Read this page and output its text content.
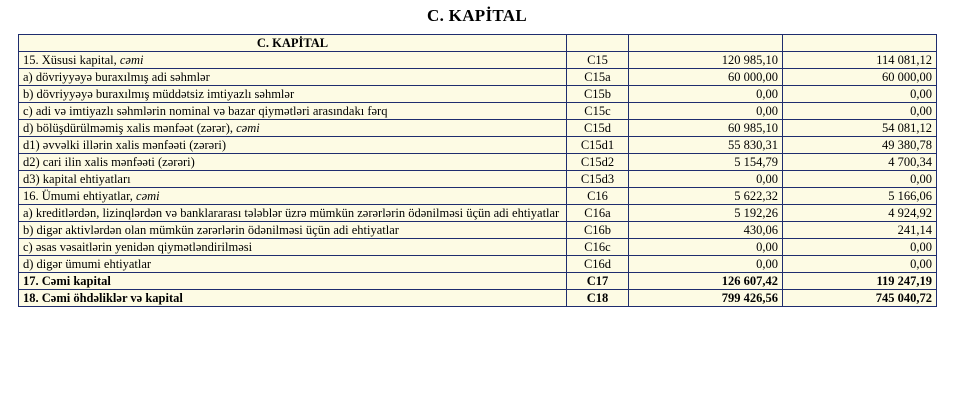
C. KAPİTAL
C. KAPİTAL			
15. Xüsusi kapital, cəmi	C15	120 985,10	114 081,12
a) dövriyyəyə buraxılmış adi səhmlər	C15a	60 000,00	60 000,00
b) dövriyyəyə buraxılmış müddətsiz imtiyazlı səhmlər	C15b	0,00	0,00
c) adi və imtiyazlı səhmlərin nominal və bazar qiymətləri arasındakı fərq	C15c	0,00	0,00
d) bölüşdürülməmiş xalis mənfəət (zərər), cəmi	C15d	60 985,10	54 081,12
d1) əvvəlki illərin xalis mənfəəti (zərəri)	C15d1	55 830,31	49 380,78
d2) cari ilin xalis mənfəəti (zərəri)	C15d2	5 154,79	4 700,34
d3) kapital ehtiyatları	C15d3	0,00	0,00
16. Ümumi ehtiyatlar, cəmi	C16	5 622,32	5 166,06
a) kreditlərdən, lizinqlərdən və banklararası tələblər üzrə mümkün zərərlərin ödənilməsi üçün adi ehtiyatlar	C16a	5 192,26	4 924,92
b) digər aktivlərdən olan mümkün zərərlərin ödənilməsi üçün adi ehtiyatlar	C16b	430,06	241,14
c) əsas vəsaitlərin yenidən qiymətləndirilməsi	C16c	0,00	0,00
d) digər ümumi ehtiyatlar	C16d	0,00	0,00
17. Cəmi kapital	C17	126 607,42	119 247,19
18. Cəmi öhdəliklər və kapital	C18	799 426,56	745 040,72
